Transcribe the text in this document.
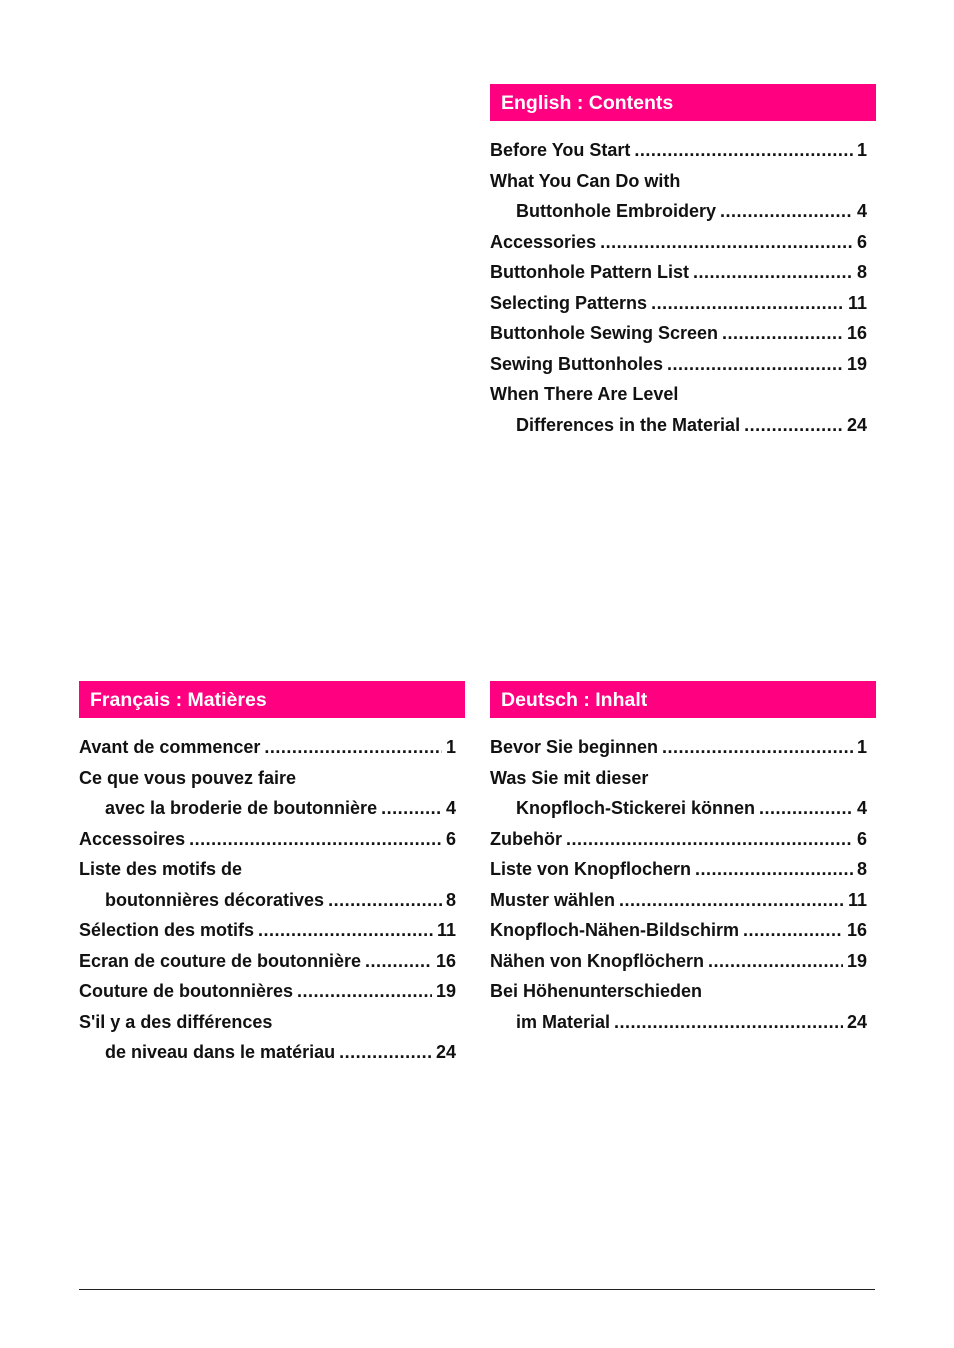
English : Contents
Before You Start .....	1
What You Can Do with
Buttonhole Embroidery .....	4
Accessories .....	6
Buttonhole Pattern List .....	8
Selecting Patterns .....	11
Buttonhole Sewing Screen .....	16
Sewing Buttonholes .....	19
When There Are Level
Differences in the Material .....	24
Français : Matières
Avant de commencer .....	1
Ce que vous pouvez faire
avec la broderie de boutonnière .....	4
Accessoires .....	6
Liste des motifs de
boutonnières décoratives .....	8
Sélection des motifs .....	11
Ecran de couture de boutonnière .....	16
Couture de boutonnières .....	19
S'il y a des différences
de niveau dans le matériau .....	24
Deutsch : Inhalt
Bevor Sie beginnen .....	1
Was Sie mit dieser
Knopfloch-Stickerei können .....	4
Zubehör .....	6
Liste von Knopflochern .....	8
Muster wählen .....	11
Knopfloch-Nähen-Bildschirm .....	16
Nähen von Knopflöchern .....	19
Bei Höhenunterschieden
im Material .....	24
